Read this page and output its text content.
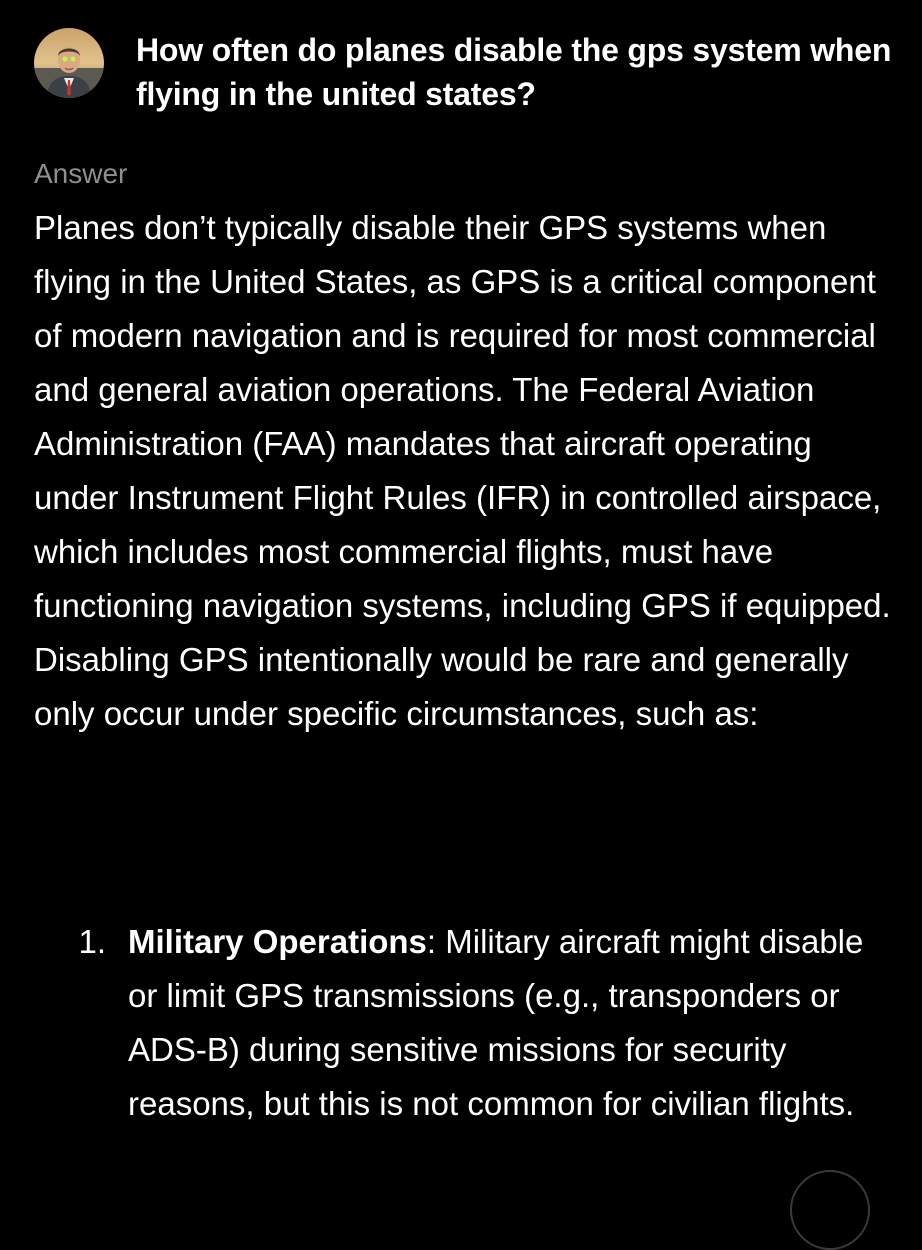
How often do planes disable the gps system when flying in the united states?

Answer

Planes don’t typically disable their GPS systems when flying in the United States, as GPS is a critical component of modern navigation and is required for most commercial and general aviation operations. The Federal Aviation Administration (FAA) mandates that aircraft operating under Instrument Flight Rules (IFR) in controlled airspace, which includes most commercial flights, must have functioning navigation systems, including GPS if equipped. Disabling GPS intentionally would be rare and generally only occur under specific circumstances, such as:

1. Military Operations: Military aircraft might disable or limit GPS transmissions (e.g., transponders or ADS-B) during sensitive missions for security reasons, but this is not common for civilian flights.
